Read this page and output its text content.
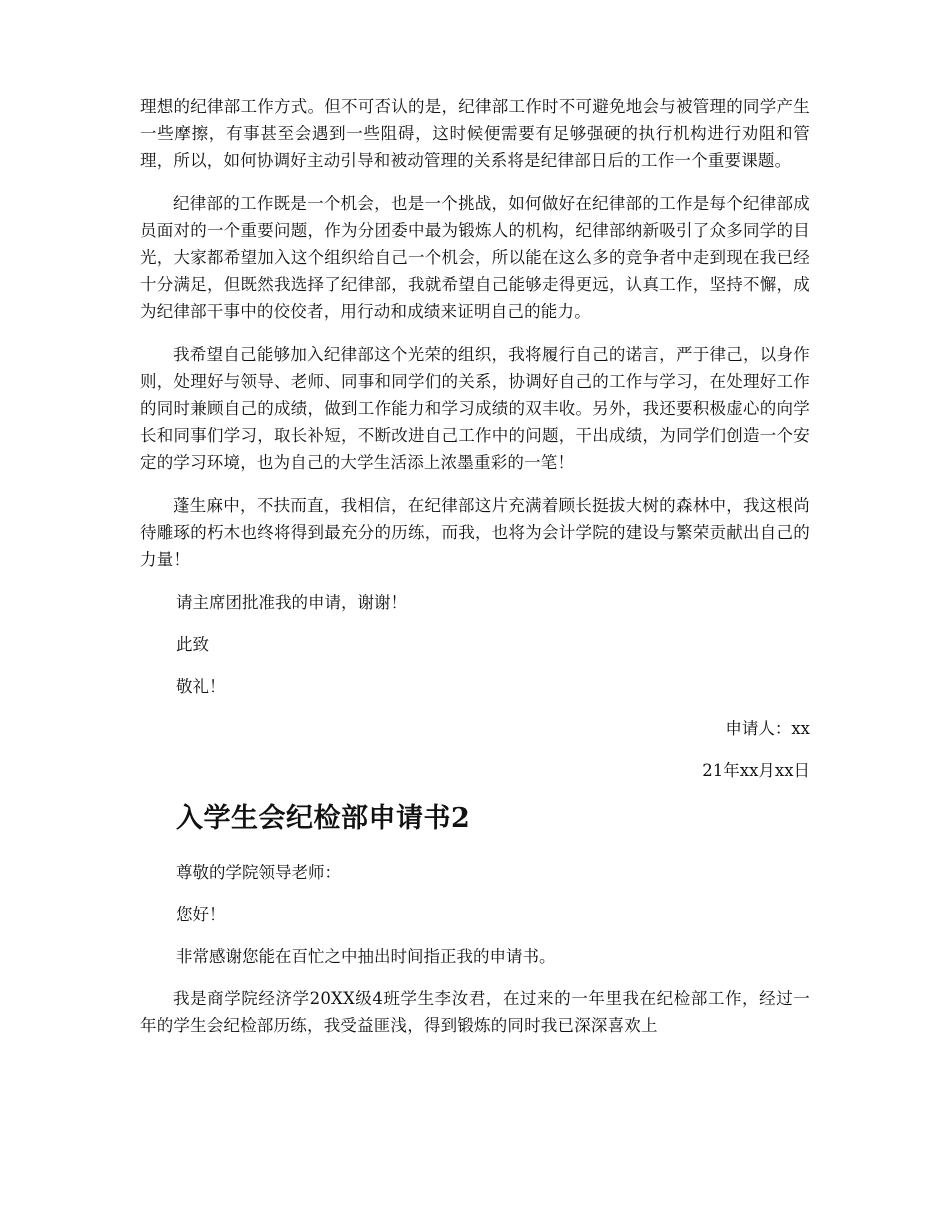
理想的纪律部工作方式。但不可否认的是，纪律部工作时不可避免地会与被管理的同学产生一些摩擦，有事甚至会遇到一些阻碍，这时候便需要有足够强硬的执行机构进行劝阻和管理，所以，如何协调好主动引导和被动管理的关系将是纪律部日后的工作一个重要课题。

纪律部的工作既是一个机会，也是一个挑战，如何做好在纪律部的工作是每个纪律部成员面对的一个重要问题，作为分团委中最为锻炼人的机构，纪律部纳新吸引了众多同学的目光，大家都希望加入这个组织给自己一个机会，所以能在这么多的竞争者中走到现在我已经十分满足，但既然我选择了纪律部，我就希望自己能够走得更远，认真工作，坚持不懈，成为纪律部干事中的佼佼者，用行动和成绩来证明自己的能力。

我希望自己能够加入纪律部这个光荣的组织，我将履行自己的诺言，严于律己，以身作则，处理好与领导、老师、同事和同学们的关系，协调好自己的工作与学习，在处理好工作的同时兼顾自己的成绩，做到工作能力和学习成绩的双丰收。另外，我还要积极虚心的向学长和同事们学习，取长补短，不断改进自己工作中的问题，干出成绩，为同学们创造一个安定的学习环境，也为自己的大学生活添上浓墨重彩的一笔！

蓬生麻中，不扶而直，我相信，在纪律部这片充满着顾长挺拔大树的森林中，我这根尚待雕琢的朽木也终将得到最充分的历练，而我，也将为会计学院的建设与繁荣贡献出自己的力量！

请主席团批准我的申请，谢谢！

此致

敬礼！

申请人：xx

21年xx月xx日

入学生会纪检部申请书2

尊敬的学院领导老师：

您好！

非常感谢您能在百忙之中抽出时间指正我的申请书。

我是商学院经济学20XX级4班学生李汝君，在过来的一年里我在纪检部工作，经过一年的学生会纪检部历练，我受益匪浅，得到锻炼的同时我已深深喜欢上
